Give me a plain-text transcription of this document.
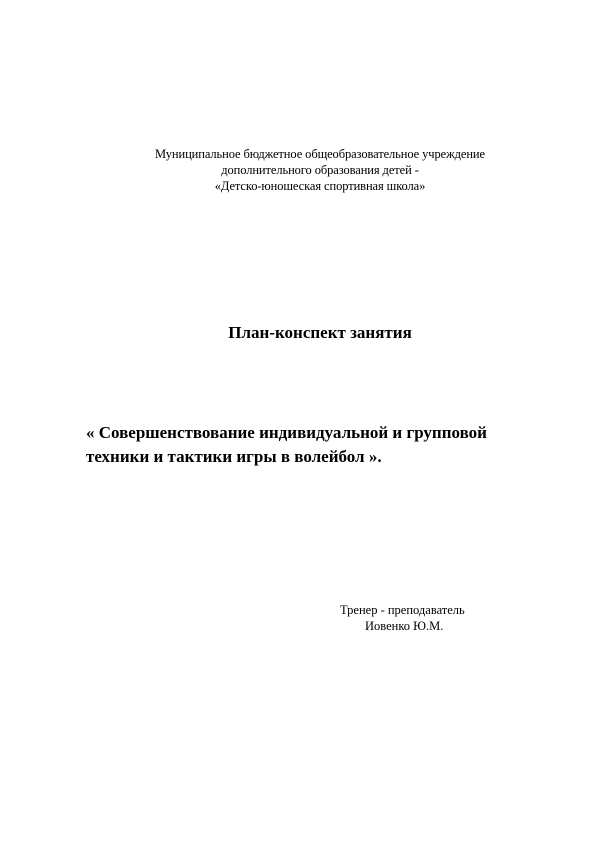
Муниципальное бюджетное общеобразовательное учреждение
дополнительного образования детей -
«Детско-юношеская спортивная школа»
План-конспект занятия
« Совершенствование индивидуальной и групповой
техники и тактики игры в волейбол ».
Тренер - преподаватель
Иовенко Ю.М.
